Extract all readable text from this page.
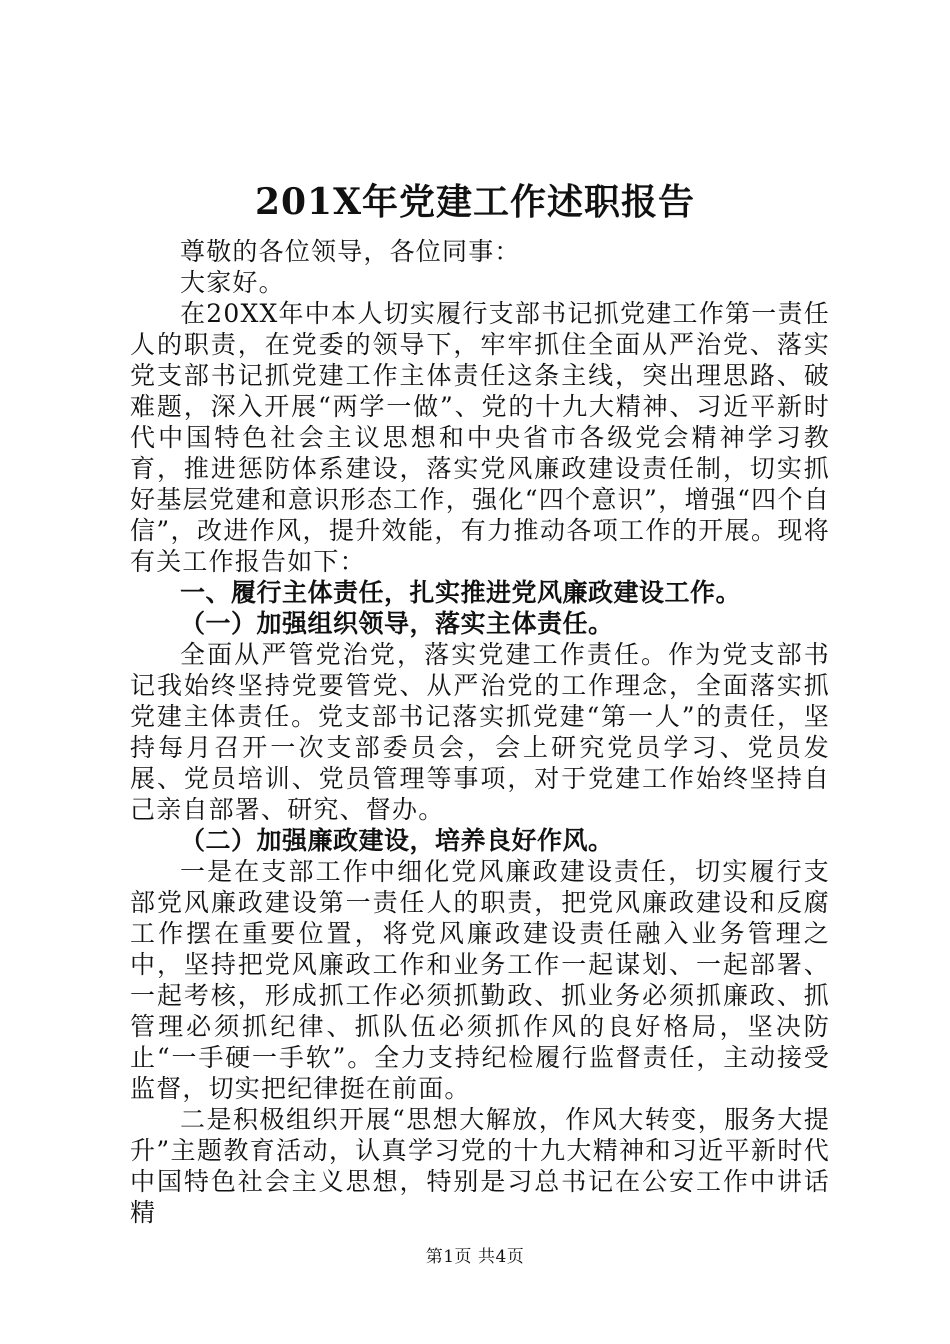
201X年党建工作述职报告

尊敬的各位领导，各位同事：

大家好。

在20XX年中本人切实履行支部书记抓党建工作第一责任人的职责，在党委的领导下，牢牢抓住全面从严治党、落实党支部书记抓党建工作主体责任这条主线，突出理思路、破难题，深入开展“两学一做”、党的十九大精神、习近平新时代中国特色社会主议思想和中央省市各级党会精神学习教育，推进惩防体系建设，落实党风廉政建设责任制，切实抓好基层党建和意识形态工作，强化“四个意识”，增强“四个自信”，改进作风，提升效能，有力推动各项工作的开展。现将有关工作报告如下：

一、履行主体责任，扎实推进党风廉政建设工作。

（一）加强组织领导，落实主体责任。

全面从严管党治党，落实党建工作责任。作为党支部书记我始终坚持党要管党、从严治党的工作理念，全面落实抓党建主体责任。党支部书记落实抓党建“第一人”的责任，坚持每月召开一次支部委员会，会上研究党员学习、党员发展、党员培训、党员管理等事项，对于党建工作始终坚持自己亲自部署、研究、督办。

（二）加强廉政建设，培养良好作风。

一是在支部工作中细化党风廉政建设责任，切实履行支部党风廉政建设第一责任人的职责，把党风廉政建设和反腐工作摆在重要位置，将党风廉政建设责任融入业务管理之中，坚持把党风廉政工作和业务工作一起谋划、一起部署、一起考核，形成抓工作必须抓勤政、抓业务必须抓廉政、抓管理必须抓纪律、抓队伍必须抓作风的良好格局，坚决防止“一手硬一手软”。全力支持纪检履行监督责任，主动接受监督，切实把纪律挺在前面。

二是积极组织开展“思想大解放，作风大转变，服务大提升”主题教育活动，认真学习党的十九大精神和习近平新时代中国特色社会主义思想，特别是习总书记在公安工作中讲话精

第1页 共4页
